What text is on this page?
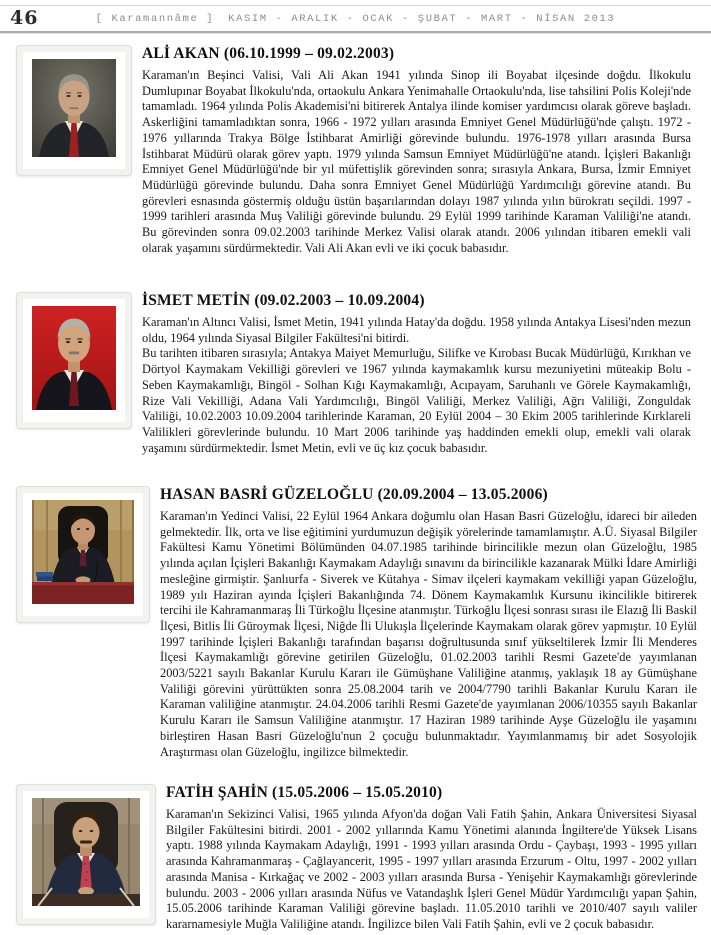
46	[ Karamannâme ] KASIM - ARALIK - OCAK - ŞUBAT - MART - NİSAN 2013
ALİ AKAN (06.10.1999 – 09.02.2003)

Karaman'ın Beşinci Valisi, Vali Ali Akan 1941 yılında Sinop ili Boyabat ilçesinde doğdu. İlkokulu Dumlupınar Boyabat İlkokulu'nda, ortaokulu Ankara Yenimahalle Ortaokulu'nda, lise tahsilini Polis Koleji'nde tamamladı. 1964 yılında Polis Akademisi'ni bitirerek Antalya ilinde komiser yardımcısı olarak göreve başladı. Askerliğini tamamladıktan sonra, 1966 - 1972 yılları arasında Emniyet Genel Müdürlüğü'nde çalıştı. 1972 - 1976 yıllarında Trakya Bölge İstihbarat Amirliği görevinde bulundu. 1976-1978 yılları arasında Bursa İstihbarat Müdürü olarak görev yaptı. 1979 yılında Samsun Emniyet Müdürlüğü'ne atandı. İçişleri Bakanlığı Emniyet Genel Müdürlüğü'nde bir yıl müfettişlik görevinden sonra; sırasıyla Ankara, Bursa, İzmir Emniyet Müdürlüğü görevinde bulundu. Daha sonra Emniyet Genel Müdürlüğü Yardımcılığı görevine atandı. Bu görevleri esnasında göstermiş olduğu üstün başarılarından dolayı 1987 yılında yılın bürokratı seçildi. 1997 - 1999 tarihleri arasında Muş Valiliği görevinde bulundu. 29 Eylül 1999 tarihinde Karaman Valiliği'ne atandı. Bu görevinden sonra 09.02.2003 tarihinde Merkez Valisi olarak atandı. 2006 yılından itibaren emekli vali olarak yaşamını sürdürmektedir. Vali Ali Akan evli ve iki çocuk babasıdır.

İSMET METİN (09.02.2003 – 10.09.2004)

Karaman'ın Altıncı Valisi, İsmet Metin, 1941 yılında Hatay'da doğdu. 1958 yılında Antakya Lisesi'nden mezun oldu, 1964 yılında Siyasal Bilgiler Fakültesi'ni bitirdi.

Bu tarihten itibaren sırasıyla; Antakya Maiyet Memurluğu, Silifke ve Kırobası Bucak Müdürlüğü, Kırıkhan ve Dörtyol Kaymakam Vekilliği görevleri ve 1967 yılında kaymakamlık kursu mezuniyetini müteakip Bolu - Seben Kaymakamlığı, Bingöl - Solhan Kığı Kaymakamlığı, Acıpayam, Saruhanlı ve Görele Kaymakamlığı, Rize Vali Vekilliği, Adana Vali Yardımcılığı, Bingöl Valiliği, Merkez Valiliği, Ağrı Valiliği, Zonguldak Valiliği, 10.02.2003 10.09.2004 tarihlerinde Karaman, 20 Eylül 2004 – 30 Ekim 2005 tarihlerinde Kırklareli Valilikleri görevlerinde bulundu. 10 Mart 2006 tarihinde yaş haddinden emekli olup, emekli vali olarak yaşamını sürdürmektedir. İsmet Metin, evli ve üç kız çocuk babasıdır.

HASAN BASRİ GÜZELOĞLU (20.09.2004 – 13.05.2006)

Karaman'ın Yedinci Valisi, 22 Eylül 1964 Ankara doğumlu olan Hasan Basri Güzeloğlu, idareci bir aileden gelmektedir. İlk, orta ve lise eğitimini yurdumuzun değişik yörelerinde tamamlamıştır. A.Ü. Siyasal Bilgiler Fakültesi Kamu Yönetimi Bölümünden 04.07.1985 tarihinde birincilikle mezun olan Güzeloğlu, 1985 yılında açılan İçişleri Bakanlığı Kaymakam Adaylığı sınavını da birincilikle kazanarak Mülki İdare Amirliği mesleğine girmiştir. Şanlıurfa - Siverek ve Kütahya - Simav ilçeleri kaymakam vekilliği yapan Güzeloğlu, 1989 yılı Haziran ayında İçişleri Bakanlığında 74. Dönem Kaymakamlık Kursunu ikincilikle bitirerek tercihi ile Kahramanmaraş İli Türkoğlu İlçesine atanmıştır. Türkoğlu İlçesi sonrası sırası ile Elazığ İli Baskil İlçesi, Bitlis İli Güroymak İlçesi, Niğde İli Ulukışla İlçelerinde Kaymakam olarak görev yapmıştır. 10 Eylül 1997 tarihinde İçişleri Bakanlığı tarafından başarısı doğrultusunda sınıf yükseltilerek İzmir İli Menderes İlçesi Kaymakamlığı görevine getirilen Güzeloğlu, 01.02.2003 tarihli Resmi Gazete'de yayımlanan 2003/5221 sayılı Bakanlar Kurulu Kararı ile Gümüşhane Valiliğine atanmış, yaklaşık 18 ay Gümüşhane Valiliği görevini yürüttükten sonra 25.08.2004 tarih ve 2004/7790 tarihli Bakanlar Kurulu Kararı ile Karaman valiliğine atanmıştır. 24.04.2006 tarihli Resmi Gazete'de yayımlanan 2006/10355 sayılı Bakanlar Kurulu Kararı ile Samsun Valiliğine atanmıştır. 17 Haziran 1989 tarihinde Ayşe Güzeloğlu ile yaşamını birleştiren Hasan Basri Güzeloğlu'nun 2 çocuğu bulunmaktadır. Yayımlanmamış bir adet Sosyolojik Araştırması olan Güzeloğlu, ingilizce bilmektedir.

FATİH ŞAHİN (15.05.2006 – 15.05.2010)

Karaman'ın Sekizinci Valisi, 1965 yılında Afyon'da doğan Vali Fatih Şahin, Ankara Üniversitesi Siyasal Bilgiler Fakültesini bitirdi. 2001 - 2002 yıllarında Kamu Yönetimi alanında İngiltere'de Yüksek Lisans yaptı. 1988 yılında Kaymakam Adaylığı, 1991 - 1993 yılları arasında Ordu - Çaybaşı, 1993 - 1995 yılları arasında Kahramanmaraş - Çağlayancerit, 1995 - 1997 yılları arasında Erzurum - Oltu, 1997 - 2002 yılları arasında Manisa - Kırkağaç ve 2002 - 2003 yılları arasında Bursa - Yenişehir Kaymakamlığı görevlerinde bulundu. 2003 - 2006 yılları arasında Nüfus ve Vatandaşlık İşleri Genel Müdür Yardımcılığı yapan Şahin, 15.05.2006 tarihinde Karaman Valiliği görevine başladı. 11.05.2010 tarihli ve 2010/407 sayılı valiler kararnamesiyle Muğla Valiliğine atandı. İngilizce bilen Vali Fatih Şahin, evli ve 2 çocuk babasıdır.
